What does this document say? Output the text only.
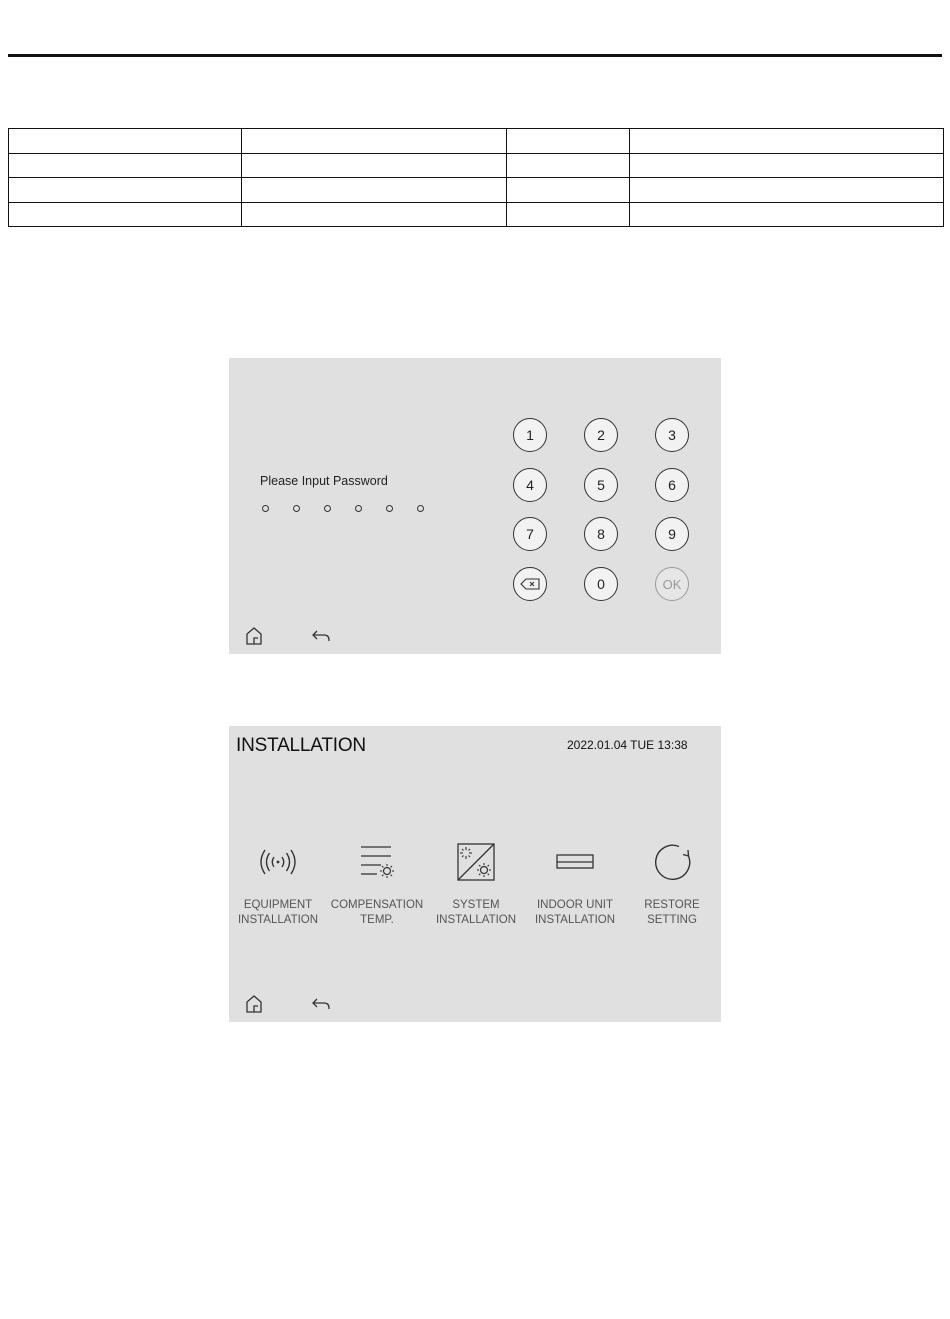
Please Input Password
1	2	3
4	5	6
7	8	9
0	OK
INSTALLATION	2022.01.04 TUE 13:38
EQUIPMENT
INSTALLATION
COMPENSATION
TEMP.
SYSTEM
INSTALLATION
INDOOR UNIT
INSTALLATION
RESTORE
SETTING
